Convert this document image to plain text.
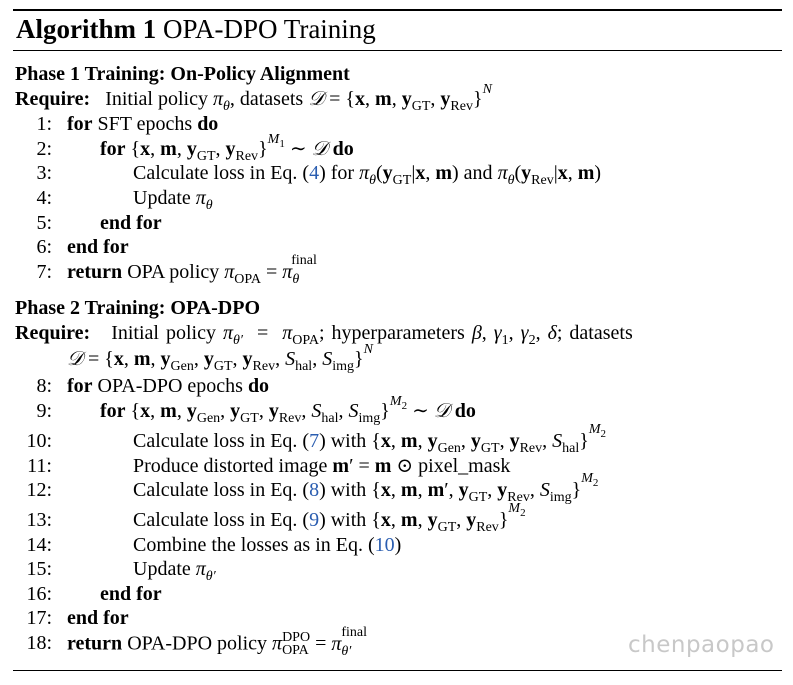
Algorithm 1 OPA-DPO Training
Phase 1 Training: On-Policy Alignment
Require: Initial policy $\pi_\theta$, datasets 𝒟 = {x, m, $y_{GT}$, $y_{Rev}\}^N$
1:
2:
3:
4:
5:
6:
7:
for SFT epochs do
for {x, m, $y_{GT}$, $y_{Rev}\}^{M_1}$ ∼ 𝒟 do
Calculate loss in Eq. (4) for $\pi_\theta(y_{GT}|x$, m) and $\pi_\theta(y_{Rev}|x$, m)
Update $\pi_\theta$
end for
end for
return OPA policy $\pi_{OPA} = \pi_\theta^{final}$
Phase 2 Training: OPA-DPO
Require: Initial policy $\pi_{\theta'} = \pi_{OPA}$; hyperparameters β, $\gamma_1$, $\gamma_2$, δ; datasets
𝒟 = {x, m, $y_{Gen}$, $y_{GT}$, $y_{Rev}$, $S_{hal}$, $S_{img}\}^N$
8:
9:
10:
11:
12:
13:
14:
15:
16:
17:
18:
for OPA-DPO epochs do
for {x, m, $y_{Gen}$, $y_{GT}$, $y_{Rev}$, $S_{hal}$, $S_{img}\}^{M_2}$ ∼ 𝒟 do
Calculate loss in Eq. (7) with {x, m, $y_{Gen}$, $y_{GT}$, $y_{Rev}$, $S_{hal}\}^{M_2}$
Produce distorted image m′ = m ⊙ pixel_mask
Calculate loss in Eq. (8) with {x, m, m′, $y_{GT}$, $y_{Rev}$, $S_{img}\}^{M_2}$
Calculate loss in Eq. (9) with {x, m, $y_{GT}$, $y_{Rev}\}^{M_2}$
Combine the losses as in Eq. (10)
Update $\pi_{\theta'}$
end for
end for
return OPA-DPO policy π DPO
OPA = $\pi_{\theta'}^{final}$	chenpaopao
